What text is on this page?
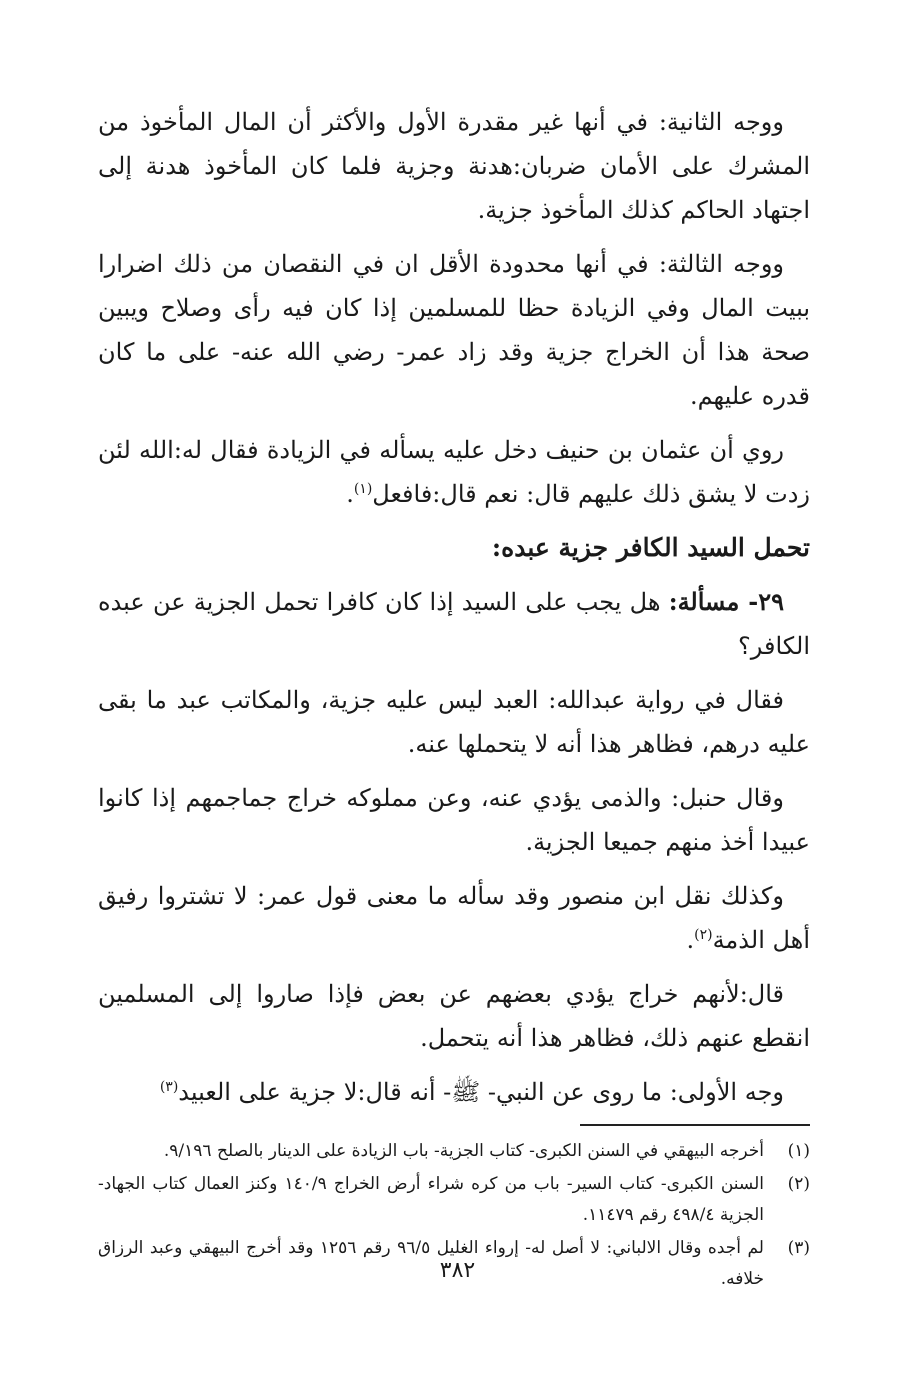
ووجه الثانية: في أنها غير مقدرة الأول والأكثر أن المال المأخوذ من المشرك على الأمان ضربان:هدنة وجزية فلما كان المأخوذ هدنة إلى اجتهاد الحاكم كذلك المأخوذ جزية.

ووجه الثالثة: في أنها محدودة الأقل ان في النقصان من ذلك اضرارا ببيت المال وفي الزيادة حظا للمسلمين إذا كان فيه رأى وصلاح ويبين صحة هذا أن الخراج جزية وقد زاد عمر- رضي الله عنه- على ما كان قدره عليهم.

روي أن عثمان بن حنيف دخل عليه يسأله في الزيادة فقال له:الله لئن زدت لا يشق ذلك عليهم قال: نعم قال:فافعل$^{(١)}$.

تحمل السيد الكافر جزية عبده:

٢٩- مسألة: هل يجب على السيد إذا كان كافرا تحمل الجزية عن عبده الكافر؟

فقال في رواية عبدالله: العبد ليس عليه جزية، والمكاتب عبد ما بقى عليه درهم، فظاهر هذا أنه لا يتحملها عنه.

وقال حنبل: والذمى يؤدي عنه، وعن مملوكه خراج جماجمهم إذا كانوا عبيدا أخذ منهم جميعا الجزية.

وكذلك نقل ابن منصور وقد سأله ما معنى قول عمر: لا تشتروا رفيق أهل الذمة$^{(٢)}$.

قال:لأنهم خراج يؤدي بعضهم عن بعض فإذا صاروا إلى المسلمين انقطع عنهم ذلك، فظاهر هذا أنه يتحمل.

وجه الأولى: ما روى عن النبي- ﷺ- أنه قال:لا جزية على العبيد$^{(٣)}$

(١)
أخرجه البيهقي في السنن الكبرى- كتاب الجزية- باب الزيادة على الدينار بالصلح ٩/١٩٦.
(٢)
السنن الكبرى- كتاب السير- باب من كره شراء أرض الخراج ١٤٠/٩ وكنز العمال كتاب الجهاد- الجزية ٤٩٨/٤ رقم ١١٤٧٩.
(٣)
لم أجده وقال الالباني: لا أصل له- إرواء الغليل ٩٦/٥ رقم ١٢٥٦ وقد أخرج البيهقي وعبد الرزاق خلافه.
٣٨٢
